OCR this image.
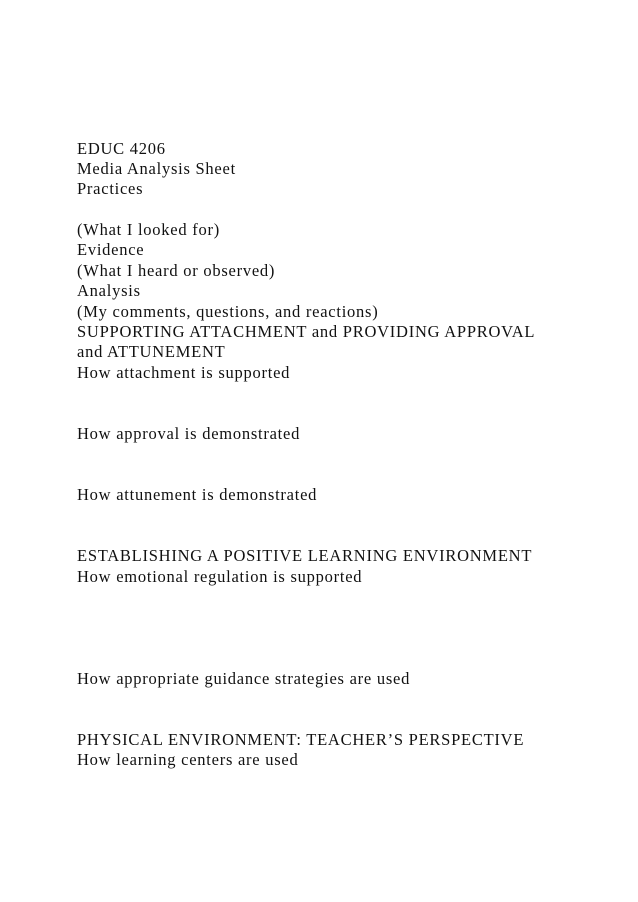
EDUC 4206
Media Analysis Sheet
Practices
(What I looked for)
Evidence
(What I heard or observed)
Analysis
(My comments, questions, and reactions)
SUPPORTING ATTACHMENT and PROVIDING APPROVAL
and ATTUNEMENT
How attachment is supported
How approval is demonstrated
How attunement is demonstrated
ESTABLISHING A POSITIVE LEARNING ENVIRONMENT
How emotional regulation is supported
How appropriate guidance strategies are used
PHYSICAL ENVIRONMENT: TEACHER’S PERSPECTIVE
How learning centers are used
